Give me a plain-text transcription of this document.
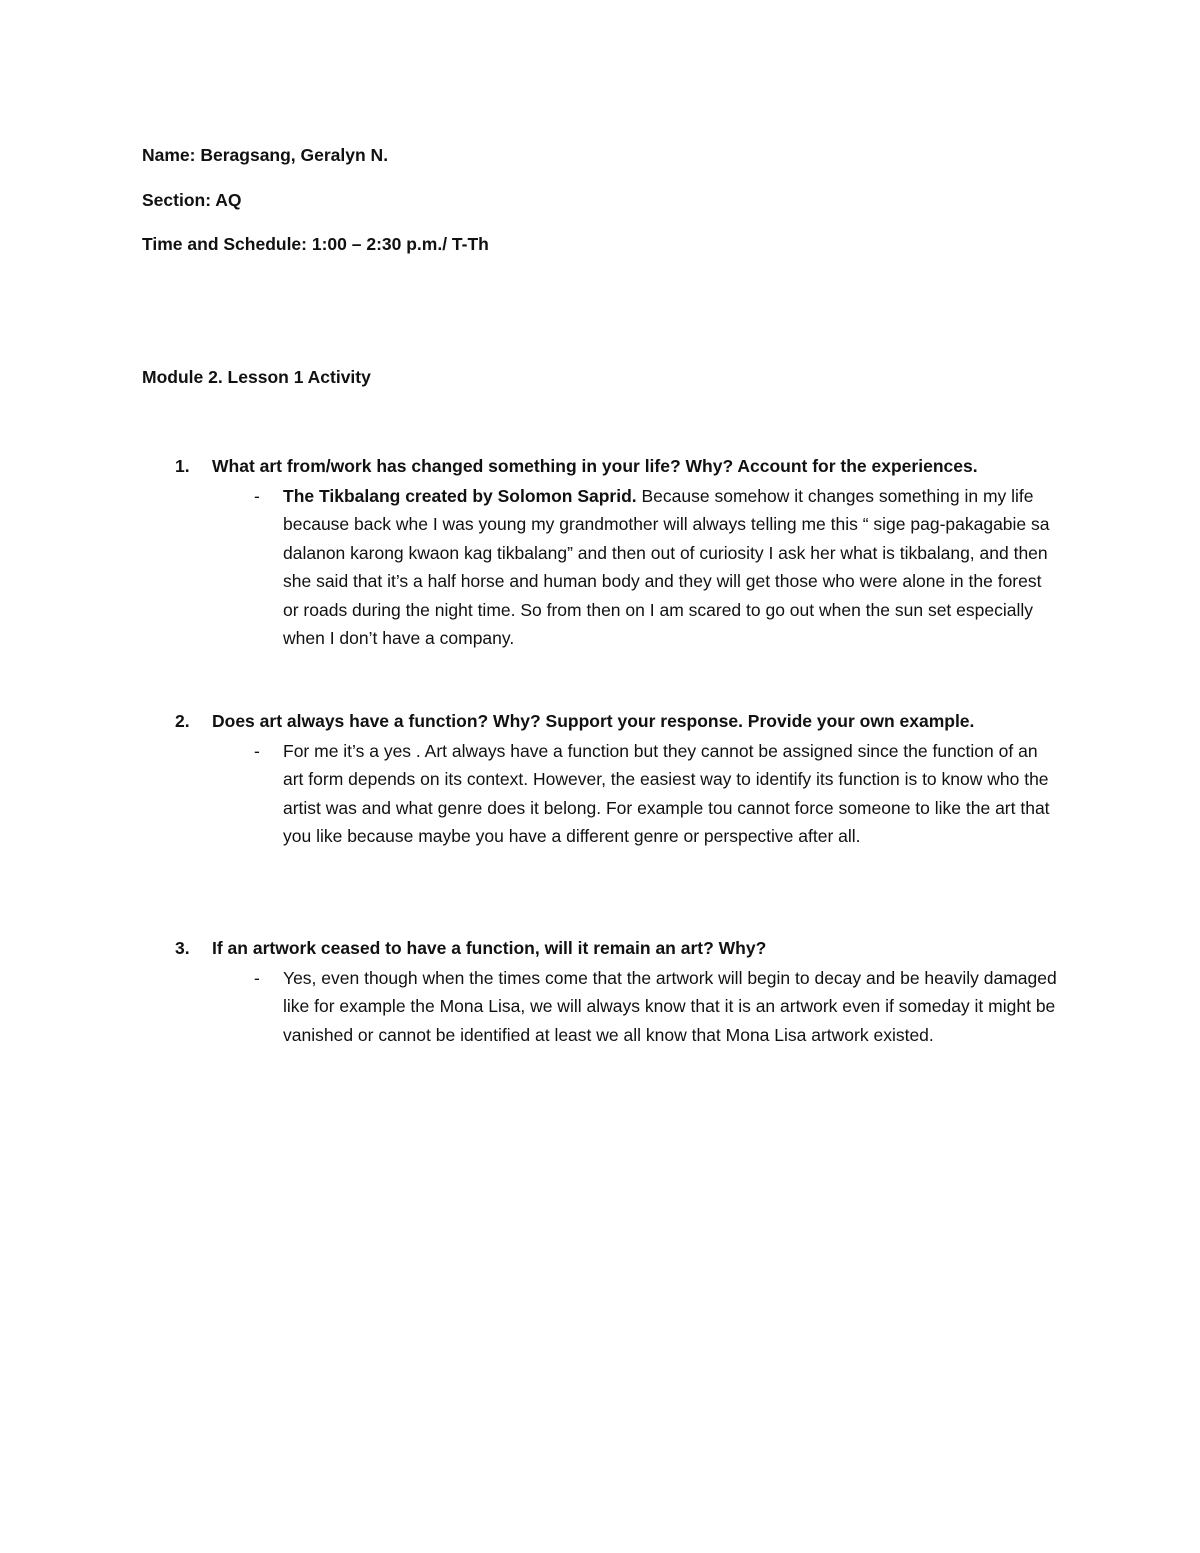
Name: Beragsang, Geralyn N.
Section: AQ
Time and Schedule: 1:00 – 2:30 p.m./ T-Th
Module 2. Lesson 1 Activity
1. What art from/work has changed something in your life? Why? Account for the experiences.
- The Tikbalang created by Solomon Saprid. Because somehow it changes something in my life because back whe I was young my grandmother will always telling me this “ sige pag-pakagabie sa dalanon karong kwaon kag tikbalang” and then out of curiosity I ask her what is tikbalang, and then she said that it’s a half horse and human body and they will get those who were alone in the forest or roads during the night time. So from then on I am scared to go out when the sun set especially when I don’t have a company.
2. Does art always have a function? Why? Support your response. Provide your own example.
- For me it’s a yes . Art always have a function but they cannot be assigned since the function of an art form depends on its context. However, the easiest way to identify its function is to know who the artist was and what genre does it belong. For example tou cannot force someone to like the art that you like because maybe you have a different genre or perspective after all.
3. If an artwork ceased to have a function, will it remain an art? Why?
- Yes, even though when the times come that the artwork will begin to decay and be heavily damaged like for example the Mona Lisa, we will always know that it is an artwork even if someday it might be vanished or cannot be identified at least we all know that Mona Lisa artwork existed.
